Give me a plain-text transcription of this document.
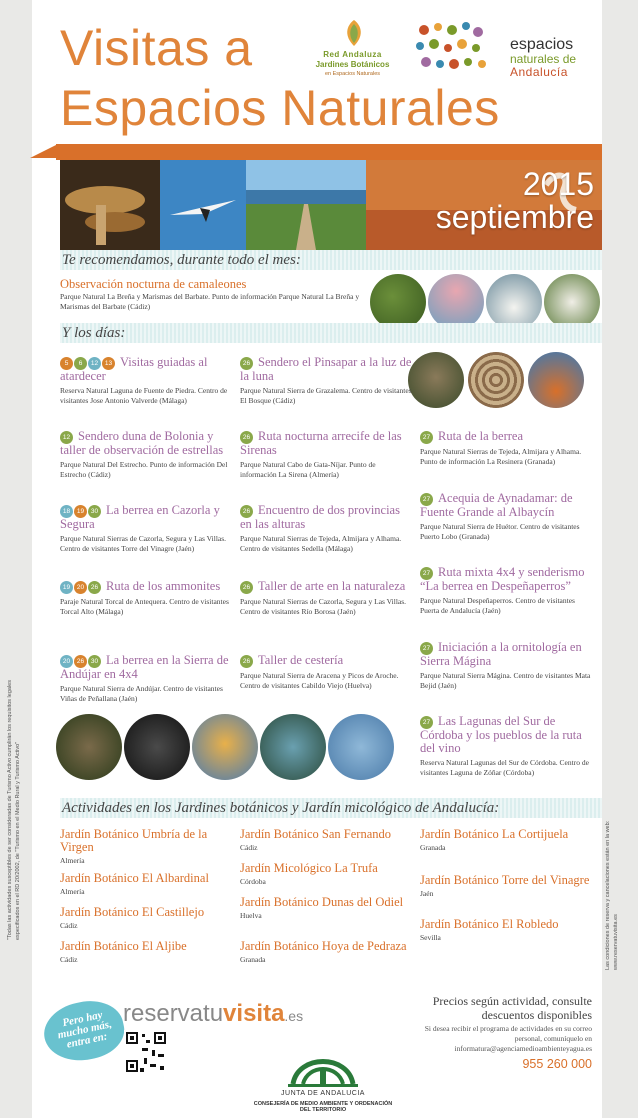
"Todas las actividades susceptibles de ser consideradas de Turismo Activo cumplirán los requisitos legales especificados en el RD 20/2002, de "Turismo en el Medio Rural y Turismo Activo"	Las condiciones de reserva y cancelaciones están en la web: www.reservatuvisita.es
Visitas a
Espacios Naturales
Red Andaluza
Jardines Botánicos
en Espacios Naturales
espacios
naturales de
Andalucía
2015
septiembre
Te recomendamos, durante todo el mes:
Observación nocturna de camaleones
Parque Natural La Breña y Marismas del Barbate. Punto de información Parque Natural La Breña y Marismas del Barbate (Cádiz)
Y los días:
5 6 12 13 Visitas guiadas al atardecer
Reserva Natural Laguna de Fuente de Piedra. Centro de visitantes Jose Antonio Valverde (Málaga)
12 Sendero duna de Bolonia y taller de observación de estrellas
Parque Natural Del Estrecho. Punto de información Del Estrecho (Cádiz)
18 19 30 La berrea en Cazorla y Segura
Parque Natural Sierras de Cazorla, Segura y Las Villas. Centro de visitantes Torre del Vinagre (Jaén)
19 20 26 Ruta de los ammonites
Paraje Natural Torcal de Antequera. Centro de visitantes Torcal Alto (Málaga)
20 26 30 La berrea en la Sierra de Andújar en 4x4
Parque Natural Sierra de Andújar. Centro de visitantes Viñas de Peñallana (Jaén)
26 Sendero el Pinsapar a la luz de la luna
Parque Natural Sierra de Grazalema. Centro de visitantes El Bosque (Cádiz)
26 Ruta nocturna arrecife de las Sirenas
Parque Natural Cabo de Gata-Níjar. Punto de información La Sirena (Almería)
26 Encuentro de dos provincias en las alturas
Parque Natural Sierras de Tejeda, Almijara y Alhama. Centro de visitantes Sedella (Málaga)
26 Taller de arte en la naturaleza
Parque Natural Sierras de Cazorla, Segura y Las Villas. Centro de visitantes Río Borosa (Jaén)
26 Taller de cestería
Parque Natural Sierra de Aracena y Picos de Aroche. Centro de visitantes Cabildo Viejo (Huelva)
27 Ruta de la berrea
Parque Natural Sierras de Tejeda, Almijara y Alhama. Punto de información La Resinera (Granada)
27 Acequia de Aynadamar: de Fuente Grande al Albaycín
Parque Natural Sierra de Huétor. Centro de visitantes Puerto Lobo (Granada)
27 Ruta mixta 4x4 y senderismo “La berrea en Despeñaperros”
Parque Natural Despeñaperros. Centro de visitantes Puerta de Andalucía (Jaén)
27 Iniciación a la ornitología en Sierra Mágina
Parque Natural Sierra Mágina. Centro de visitantes Mata Bejid (Jaén)
27 Las Lagunas del Sur de Córdoba y los pueblos de la ruta del vino
Reserva Natural Lagunas del Sur de Córdoba. Centro de visitantes Laguna de Zóñar (Córdoba)
Actividades en los Jardines botánicos y Jardín micológico de Andalucía:
Jardín Botánico Umbría de la Virgen
Almería
Jardín Botánico El Albardinal
Almería
Jardín Botánico El Castillejo
Cádiz
Jardín Botánico El Aljibe
Cádiz
Jardín Botánico San Fernando
Cádiz
Jardín Micológico La Trufa
Córdoba
Jardín Botánico Dunas del Odiel
Huelva
Jardín Botánico Hoya de Pedraza
Granada
Jardín Botánico La Cortijuela
Granada
Jardín Botánico Torre del Vinagre
Jaén
Jardín Botánico El Robledo
Sevilla
Pero hay mucho más, entra en:
reservatuvisita.es
JUNTA DE ANDALUCIA
CONSEJERÍA DE MEDIO AMBIENTE Y ORDENACIÓN DEL TERRITORIO
Precios según actividad, consulte descuentos disponibles
Si desea recibir el programa de actividades en su correo personal, comuníquelo en informatura@agenciamedioambienteyagua.es
955 260 000
